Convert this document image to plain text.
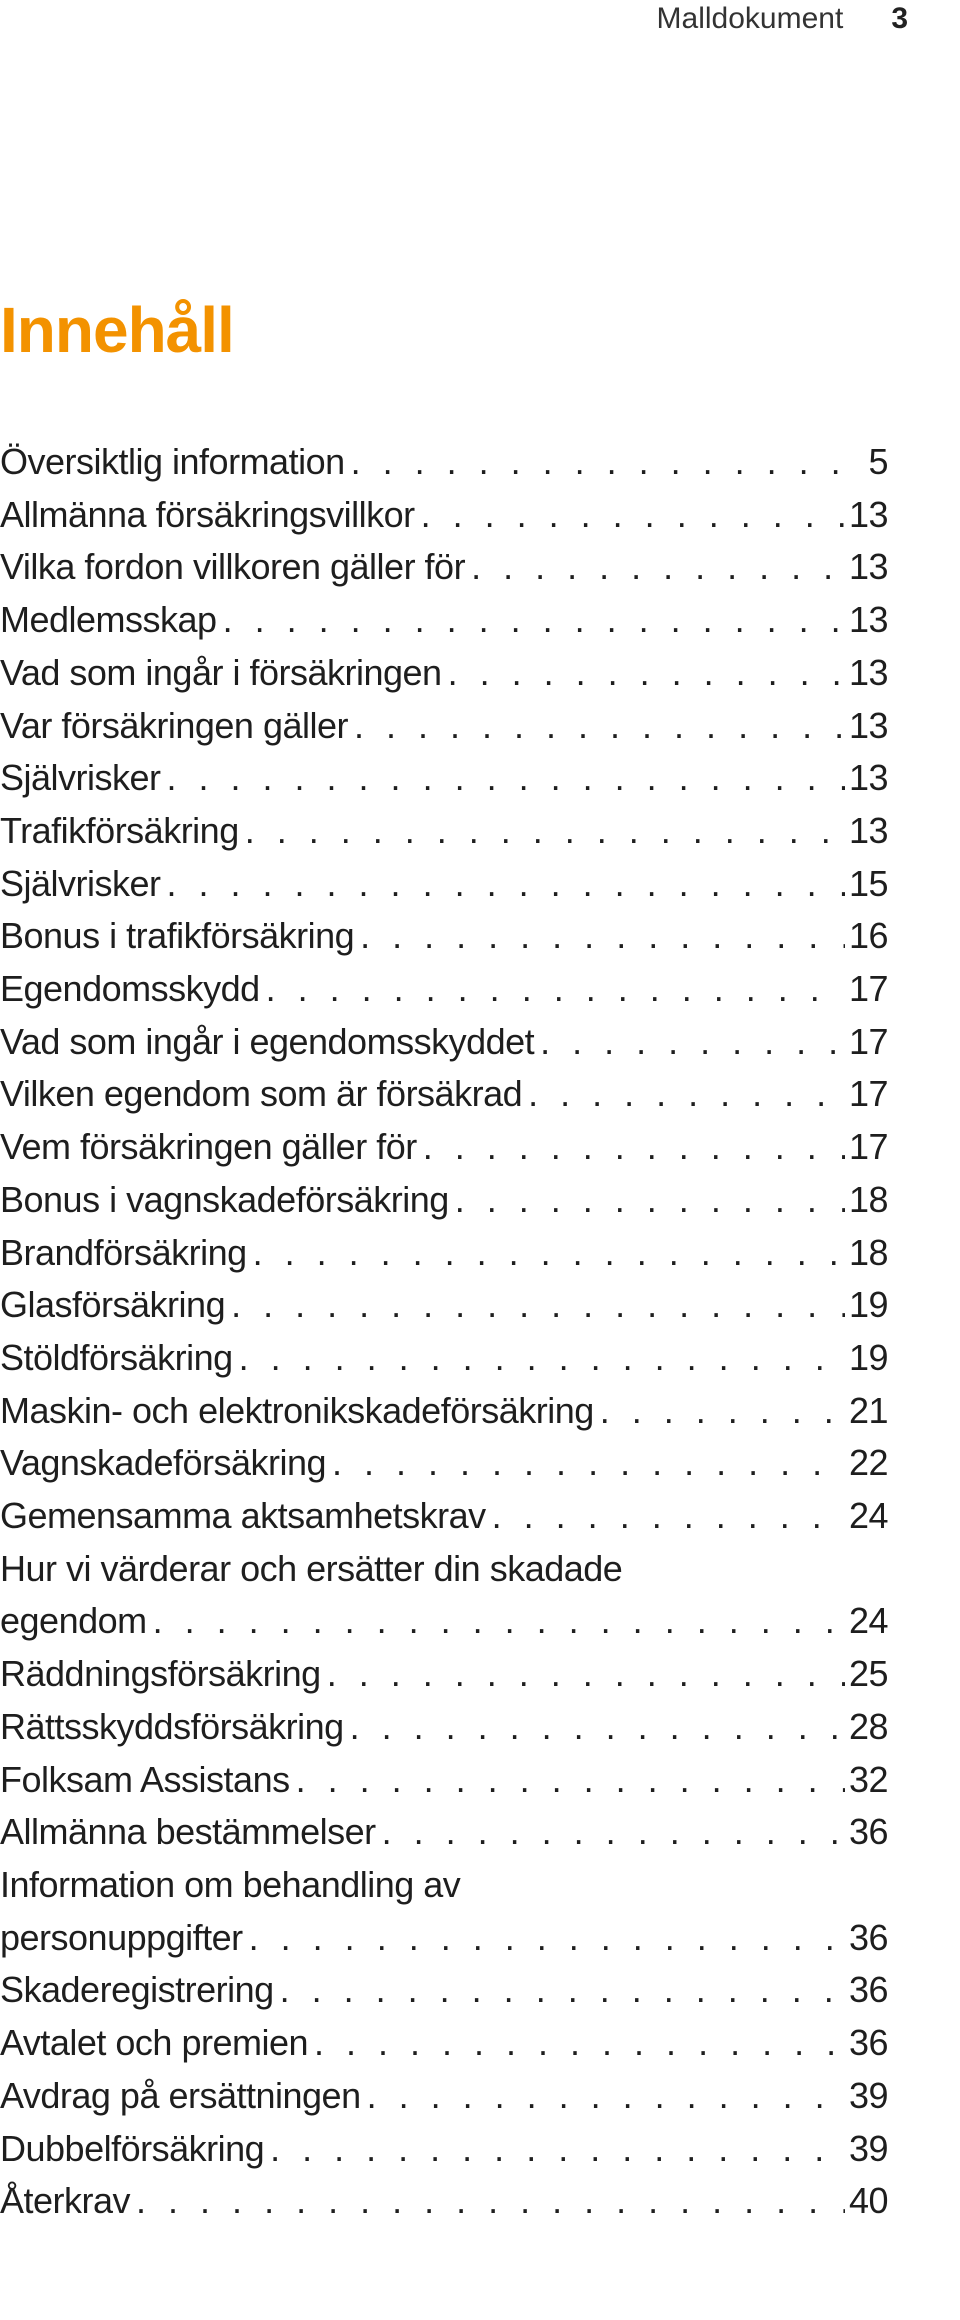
Malldokument 3
Innehåll
Översiktlig information . . .	5
Allmänna försäkringsvillkor . . .	13
Vilka fordon villkoren gäller för . . .	13
Medlemsskap . . .	13
Vad som ingår i försäkringen . . .	13
Var försäkringen gäller . . .	13
Självrisker . . .	13
Trafikförsäkring . . .	13
Självrisker . . .	15
Bonus i trafikförsäkring . . .	16
Egendomsskydd . . .	17
Vad som ingår i egendomsskyddet . . .	17
Vilken egendom som är försäkrad . . .	17
Vem försäkringen gäller för . . .	17
Bonus i vagnskadeförsäkring . . .	18
Brandförsäkring . . .	18
Glasförsäkring . . .	19
Stöldförsäkring . . .	19
Maskin- och elektronikskadeförsäkring . . .	21
Vagnskadeförsäkring . . .	22
Gemensamma aktsamhetskrav . . .	24
Hur vi värderar och ersätter din skadade
egendom . . .	24
Räddningsförsäkring . . .	25
Rättsskyddsförsäkring . . .	28
Folksam Assistans . . .	32
Allmänna bestämmelser . . .	36
Information om behandling av
personuppgifter . . .	36
Skaderegistrering . . .	36
Avtalet och premien . . .	36
Avdrag på ersättningen . . .	39
Dubbelförsäkring . . .	39
Återkrav . . .	40
